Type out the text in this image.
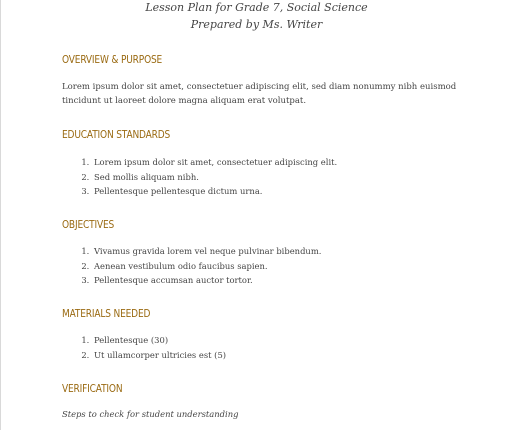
Lesson Plan for Grade 7, Social Science
Prepared by Ms. Writer
OVERVIEW & PURPOSE
Lorem ipsum dolor sit amet, consectetuer adipiscing elit, sed diam nonummy nibh euismod tincidunt ut laoreet dolore magna aliquam erat volutpat.
EDUCATION STANDARDS
1. Lorem ipsum dolor sit amet, consectetuer adipiscing elit.
2. Sed mollis aliquam nibh.
3. Pellentesque pellentesque dictum urna.
OBJECTIVES
1. Vivamus gravida lorem vel neque pulvinar bibendum.
2. Aenean vestibulum odio faucibus sapien.
3. Pellentesque accumsan auctor tortor.
MATERIALS NEEDED
1. Pellentesque (30)
2. Ut ullamcorper ultricies est (5)
VERIFICATION
Steps to check for student understanding
